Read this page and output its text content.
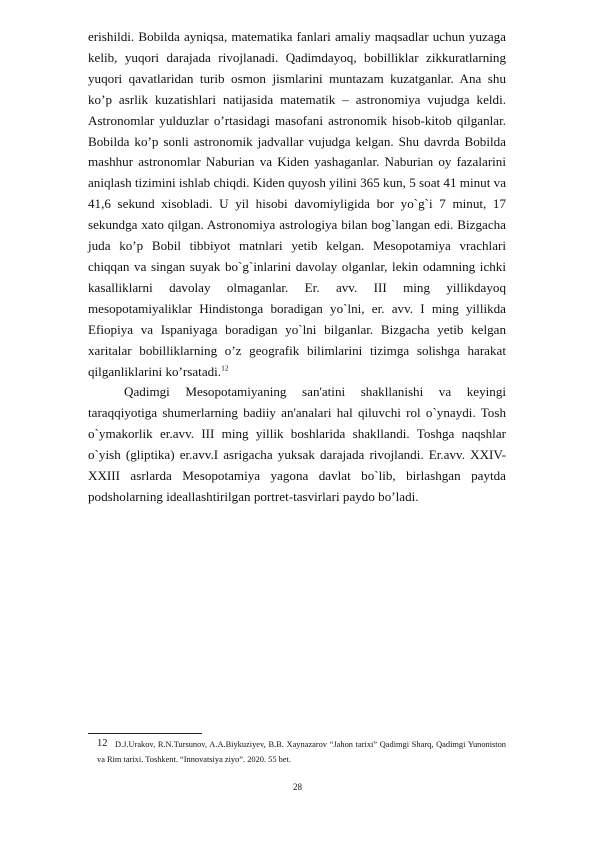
erishildi. Bobilda ayniqsa, matematika fanlari amaliy maqsadlar uchun yuzaga kelib, yuqori darajada rivojlanadi. Qadimdayoq, bobilliklar zikkuratlarning yuqori qavatlaridan turib osmon jismlarini muntazam kuzatganlar. Ana shu ko’p asrlik kuzatishlari natijasida matematik – astronomiya vujudga keldi. Astronomlar yulduzlar o’rtasidagi masofani astronomik hisob-kitob qilganlar. Bobilda ko’p sonli astronomik jadvallar vujudga kelgan. Shu davrda Bobilda mashhur astronomlar Naburian va Kiden yashaganlar. Naburian oy fazalarini aniqlash tizimini ishlab chiqdi. Kiden quyosh yilini 365 kun, 5 soat 41 minut va 41,6 sekund xisobladi. U yil hisobi davomiyligida bor yo`g`i 7 minut, 17 sekundga xato qilgan. Astronomiya astrologiya bilan bog`langan edi. Bizgacha juda ko’p Bobil tibbiyot matnlari yetib kelgan. Mesopotamiya vrachlari chiqqan va singan suyak bo`g`inlarini davolay olganlar, lekin odamning ichki kasalliklarni davolay olmaganlar. Er. avv. III ming yillikdayoq mesopotamiyaliklar Hindistonga boradigan yo`lni, er. avv. I ming yillikda Efiopiya va Ispaniyaga boradigan yo`lni bilganlar. Bizgacha yetib kelgan xaritalar bobilliklarning o’z geografik bilimlarini tizimga solishga harakat qilganliklarini ko’rsatadi.$^{12}$

Qadimgi Mesopotamiyaning san'atini shakllanishi va keyingi taraqqiyotiga shumerlarning badiiy an'analari hal qiluvchi rol o`ynaydi. Tosh o`ymakorlik er.avv. III ming yillik boshlarida shakllandi. Toshga naqshlar o`yish (gliptika) er.avv.I asrigacha yuksak darajada rivojlandi. Er.avv. XXIV- XXIII asrlarda Mesopotamiya yagona davlat bo`lib, birlashgan paytda podsholarning ideallashtirilgan portret-tasvirlari paydo bo’ladi.

12 D.J.Urakov, R.N.Tursunov, A.A.Biykuziyev, B.B. Xaynazarov “Jahon tarixi” Qadimgi Sharq, Qadimgi Yunoniston va Rim tarixi. Toshkent. “Innovatsiya ziyo”. 2020. 55 bet.
28
